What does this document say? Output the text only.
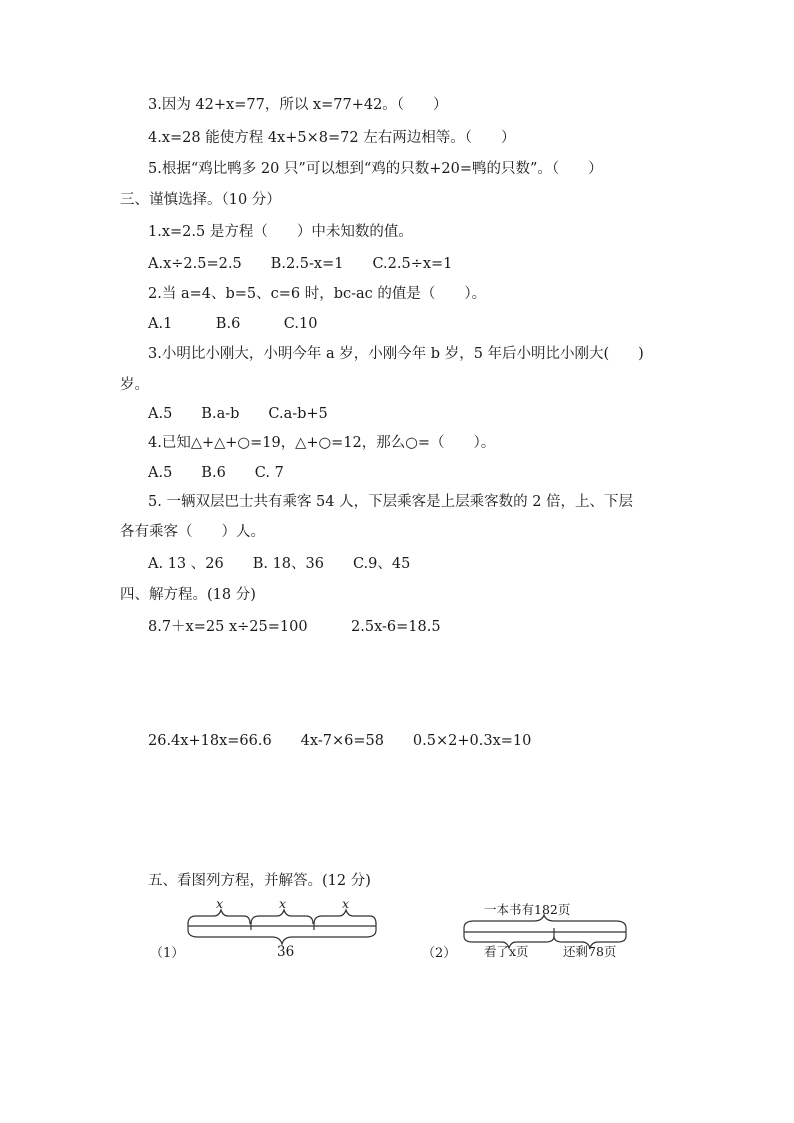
3.因为 42+x=77，所以 x=77+42。（　　）
4.x=28 能使方程 4x+5×8=72 左右两边相等。（　　）
5.根据“鸡比鸭多 20 只”可以想到“鸡的只数+20=鸭的只数”。（　　）
三、谨慎选择。（10 分）
1.x=2.5 是方程（　　）中未知数的值。
A.x÷2.5=2.5　　B.2.5-x=1　　C.2.5÷x=1
2.当 a=4、b=5、c=6 时，bc-ac 的值是（　　）。
A.1　　　B.6　　　C.10
3.小明比小刚大，小明今年 a 岁，小刚今年 b 岁，5 年后小明比小刚大(　　)
岁。
A.5　　B.a-b　　C.a-b+5
4.已知△+△+○=19，△+○=12，那么○=（　　）。
A.5　　B.6　　C. 7
5. 一辆双层巴士共有乘客 54 人，下层乘客是上层乘客数的 2 倍，上、下层
各有乘客（　　）人。
A. 13 、26　　B. 18、36　　C.9、45
四、解方程。(18 分)
8.7＋x=25 x÷25=100　　　2.5x-6=18.5
26.4x+18x=66.6　　4x-7×6=58　　0.5×2+0.3x=10
五、看图列方程，并解答。(12 分)
（1）
x	x	x
36	（2）
一本书有182页
看了x页	还剩78页
